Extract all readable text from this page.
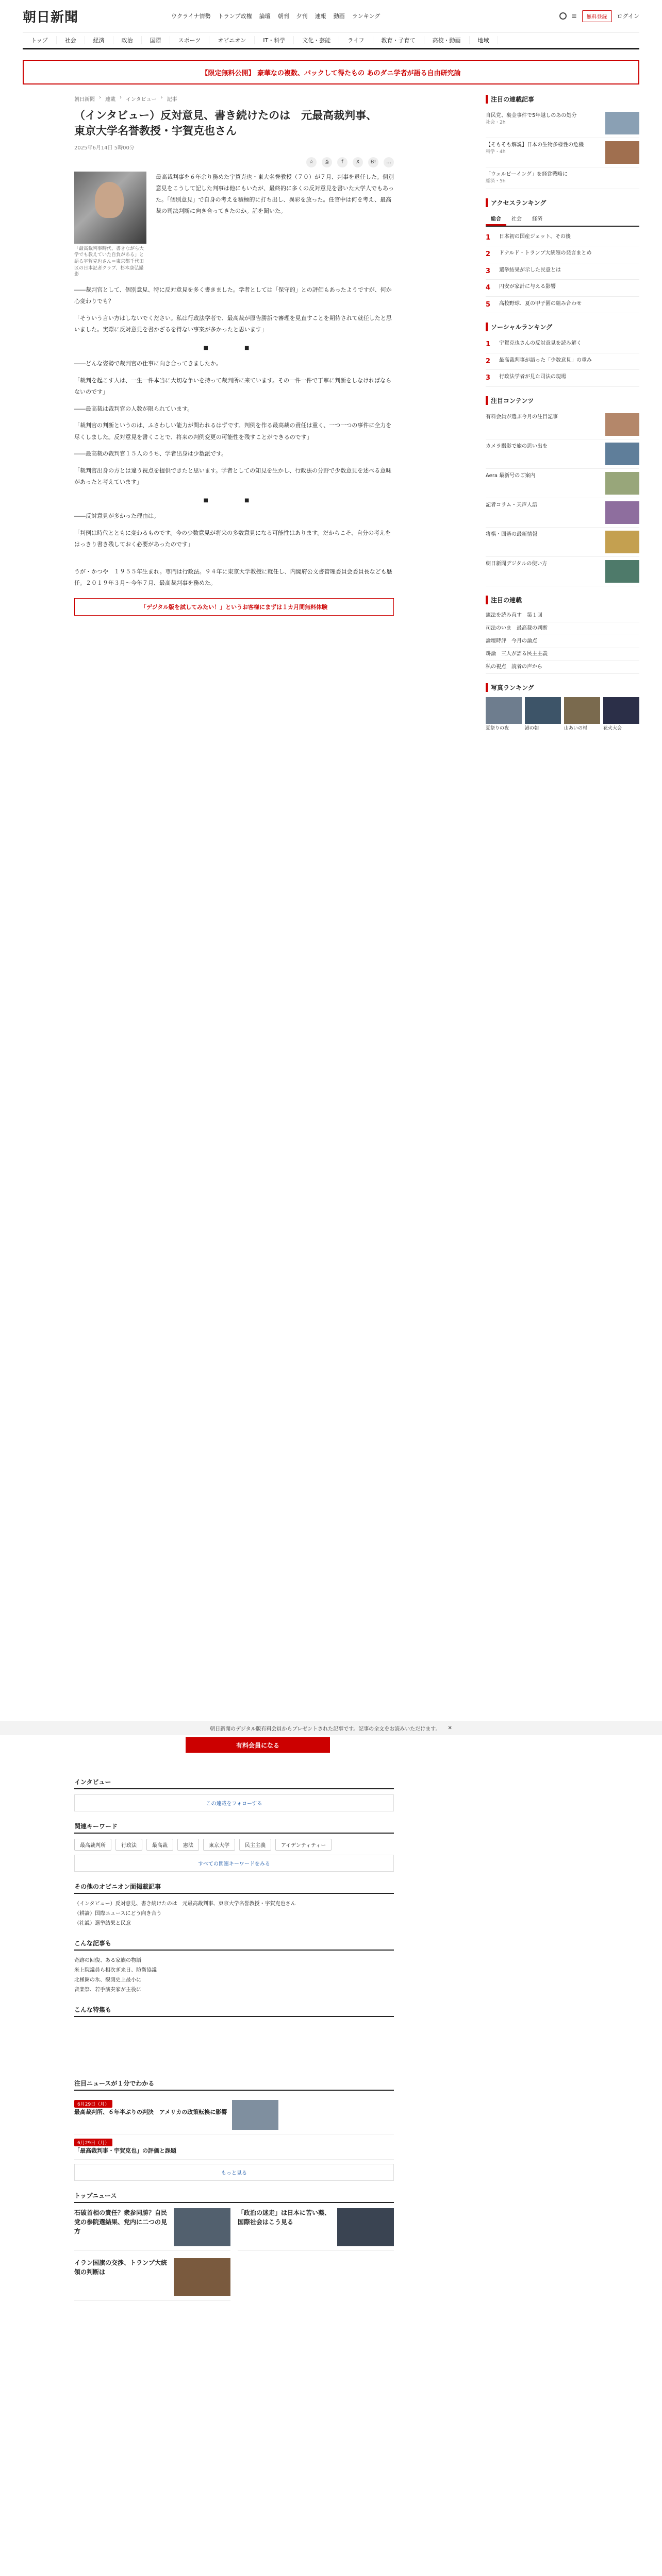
朝日新聞	ウクライナ情勢 トランプ政権 論壇 朝刊 夕刊 速報 動画 ランキング	☰	無料登録	ログイン
トップ	社会	経済	政治	国際	スポーツ	オピニオン	IT・科学	文化・芸能	ライフ	教育・子育て	高校・動画	地域
【限定無料公開】 豪華なの複数、パックして得たもの あのダニ学者が語る自由研究論
朝日新聞 › 連載 › インタビュー › 記事
（インタビュー）反対意見、書き続けたのは　元最高裁判事、東京大学名誉教授・宇賀克也さん
2025年6月14日 5時00分
☆	⎙	f	X	B!	…
「最高裁判事時代、書きながら大学でも教えていた自負がある」と語る宇賀克也さん＝東京都千代田区の日本記者クラブ、杉本康弘撮影
最高裁判事を６年余り務めた宇賀克也・東大名誉教授（７０）が７月、判事を退任した。個別意見をこうして記した判事は他にもいたが、最終的に多くの反対意見を書いた大学人でもあった。「個別意見」で自身の考えを積極的に打ち出し、異彩を放った。任官中は何を考え、最高裁の司法判断に向き合ってきたのか。話を聞いた。

――裁判官として、個別意見、特に反対意見を多く書きました。学者としては「保守的」との評価もあったようですが、何か心変わりでも？

「そういう言い方はしないでください。私は行政法学者で、最高裁が原告勝訴で審理を見直すことを期待されて就任したと思いました。実際に反対意見を書かざるを得ない事案が多かったと思います」

■　■

――どんな姿勢で裁判官の仕事に向き合ってきましたか。

「裁判を起こす人は、一生一件本当に大切な争いを持って裁判所に来ています。その一件一件で丁寧に判断をしなければならないのです」

――最高裁は裁判官の人数が限られています。

「裁判官の判断というのは、ふさわしい能力が問われるはずです。判例を作る最高裁の責任は重く、一つ一つの事件に全力を尽くしました。反対意見を書くことで、将来の判例変更の可能性を残すことができるのです」

――最高裁の裁判官１５人のうち、学者出身は少数派です。

「裁判官出身の方とは違う視点を提供できたと思います。学者としての知見を生かし、行政法の分野で少数意見を述べる意味があったと考えています」

■　■

――反対意見が多かった理由は。

「判例は時代とともに変わるものです。今の少数意見が将来の多数意見になる可能性はあります。だからこそ、自分の考えをはっきり書き残しておく必要があったのです」

うが・かつや　１９５５年生まれ。専門は行政法。９４年に東京大学教授に就任し、内閣府公文書管理委員会委員長なども歴任。２０１９年３月～今年７月、最高裁判事を務めた。
「デジタル版を試してみたい！」というお客様にまずは１カ月間無料体験
注目の連載記事
自民党、裏金事件で5年越しのあの処分
社会・2h
【そもそも解説】日本の生物多様性の危機
科学・4h
「ウェルビーイング」を経営戦略に
経済・5h
アクセスランキング
総合	社会	経済
1	日本初の国産ジェット、その後
2	ドナルド・トランプ大統領の発言まとめ
3	選挙結果が示した民意とは
4	円安が家計に与える影響
5	高校野球、夏の甲子園の組み合わせ
ソーシャルランキング
1	宇賀克也さんの反対意見を読み解く
2	最高裁判事が語った「少数意見」の重み
3	行政法学者が見た司法の現場
注目コンテンツ
有料会員が選ぶ今月の注目記事
カメラ撮影で旅の思い出を
Aera 最新号のご案内
記者コラム・天声人語
将棋・囲碁の最新情報
朝日新聞デジタルの使い方
注目の連載
憲法を読み直す　第１回
司法のいま　最高裁の判断
論壇時評　今月の論点
耕論　三人が語る民主主義
私の視点　読者の声から
写真ランキング
夏祭りの夜	港の朝	山あいの村	花火大会
朝日新聞のデジタル版有料会員からプレゼントされた記事です。記事の全文をお読みいただけます。 ✕
有料会員になる
インタビュー
この連載をフォローする
関連キーワード
最高裁判所	行政法	最高裁	憲法	東京大学	民主主義	アイデンティティー
すべての関連キーワードをみる
その他のオピニオン面掲載記事
（インタビュー）反対意見、書き続けたのは　元最高裁判事、東京大学名誉教授・宇賀克也さん
（耕論）国際ニュースにどう向き合う
（社説）選挙結果と民意
こんな記事も
奇跡の回復、ある家族の物語
米上院議員ら相次ぎ来日、防衛協議
北極圏の氷、観測史上最小に
音楽祭、若手演奏家が主役に
こんな特集も
注目ニュースが１分でわかる
6月29日（月）
最高裁判所、６年半ぶりの判決　アメリカの政策転換に影響
6月29日（月）
「最高裁判事・宇賀克也」の評価と課題
もっと見る
トップニュース
石破首相の責任？衆参同勝？自民党の参院選結果、党内に二つの見方
「政治の迷走」は日本に苦い薬、国際社会はこう見る
イラン国旗の交渉、トランプ大統領の判断は
